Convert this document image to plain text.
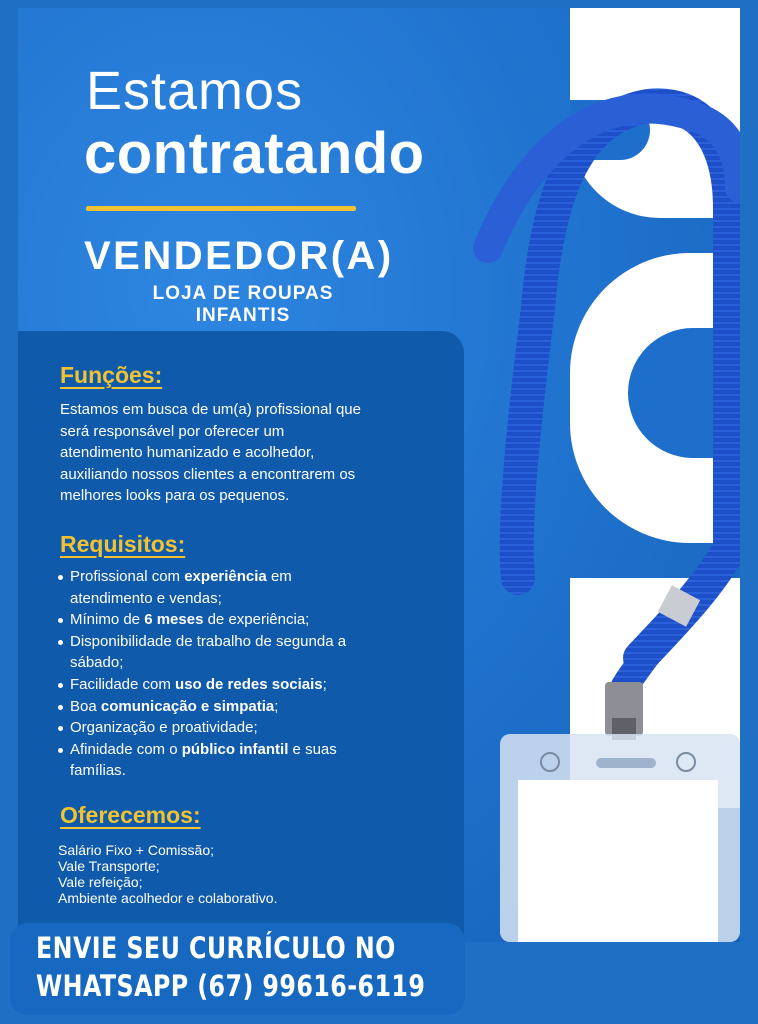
Estamos
contratando
VENDEDOR(A)

LOJA DE ROUPAS
INFANTIS

Funções:

Estamos em busca de um(a) profissional que
será responsável por oferecer um
atendimento humanizado e acolhedor,
auxiliando nossos clientes a encontrarem os
melhores looks para os pequenos.

Requisitos:
Profissional com experiência em
atendimento e vendas;
Mínimo de 6 meses de experiência;
Disponibilidade de trabalho de segunda a
sábado;
Facilidade com uso de redes sociais;
Boa comunicação e simpatia;
Organização e proatividade;
Afinidade com o público infantil e suas
famílias.
Oferecemos:
Salário Fixo + Comissão;
Vale Transporte;
Vale refeição;
Ambiente acolhedor e colaborativo.

ENVIE SEU CURRÍCULO NO

WHATSAPP (67) 99616-6119
